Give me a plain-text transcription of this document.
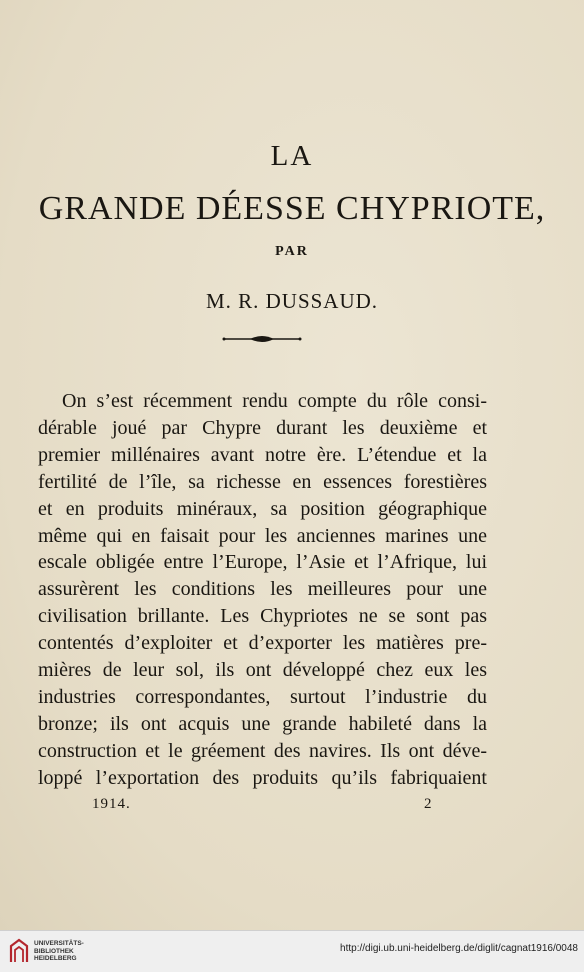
LA
GRANDE DÉESSE CHYPRIOTE,
PAR
M. R. DUSSAUD.
On s’est récemment rendu compte du rôle consi-
dérable joué par Chypre durant les deuxième et
premier millénaires avant notre ère. L’étendue et la
fertilité de l’île, sa richesse en essences forestières
et en produits minéraux, sa position géographique
même qui en faisait pour les anciennes marines une
escale obligée entre l’Europe, l’Asie et l’Afrique, lui
assurèrent les conditions les meilleures pour une
civilisation brillante. Les Chypriotes ne se sont pas
contentés d’exploiter et d’exporter les matières pre-
mières de leur sol, ils ont développé chez eux les
industries correspondantes, surtout l’industrie du
bronze; ils ont acquis une grande habileté dans la
construction et le gréement des navires. Ils ont déve-
loppé l’exportation des produits qu’ils fabriquaient
1914.	2
UNIVERSITÄTS-
BIBLIOTHEK
HEIDELBERG
http://digi.ub.uni-heidelberg.de/diglit/cagnat1916/0048
